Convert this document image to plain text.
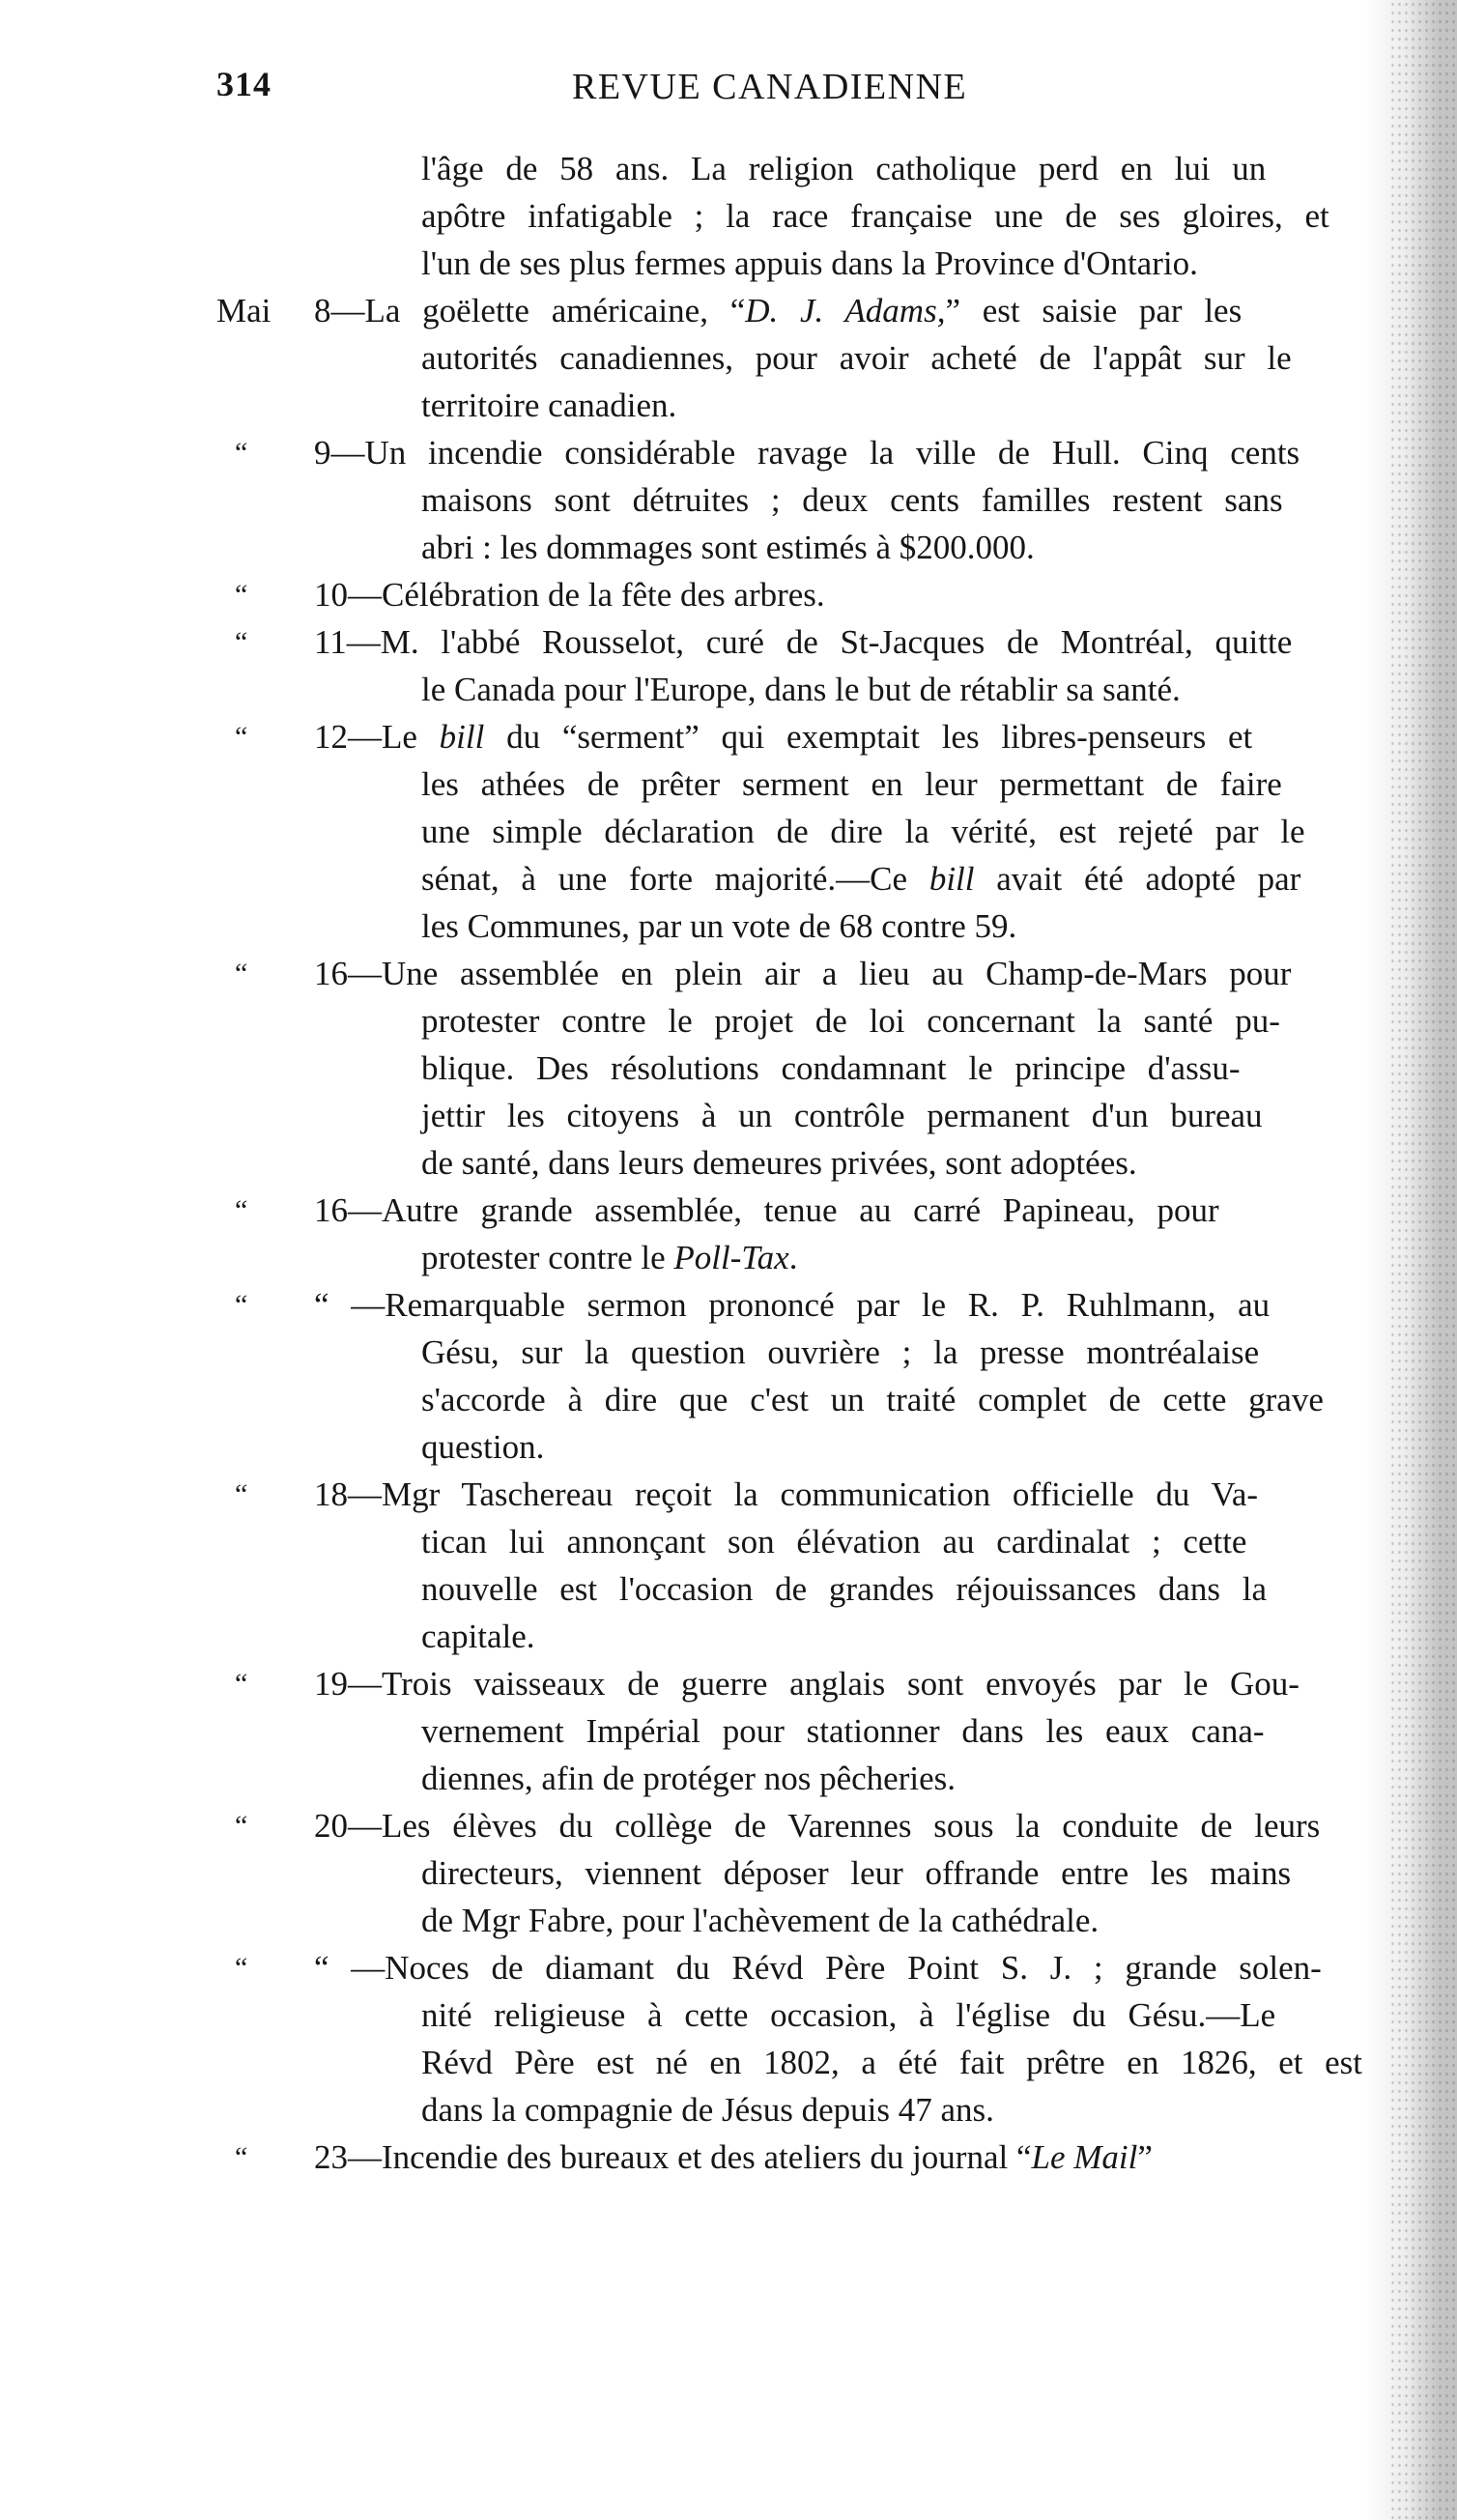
314	REVUE CANADIENNE
l'âge de 58 ans. La religion catholique perd en lui un
apôtre infatigable ; la race française une de ses gloires, et
l'un de ses plus fermes appuis dans la Province d'Ontario.
Mai 8—La goëlette américaine, “D. J. Adams,” est saisie par les
autorités canadiennes, pour avoir acheté de l'appât sur le
territoire canadien.
“ 9—Un incendie considérable ravage la ville de Hull. Cinq cents
maisons sont détruites ; deux cents familles restent sans
abri : les dommages sont estimés à $200.000.
“ 10—Célébration de la fête des arbres.
“ 11—M. l'abbé Rousselot, curé de St-Jacques de Montréal, quitte
le Canada pour l'Europe, dans le but de rétablir sa santé.
“ 12—Le bill du “serment” qui exemptait les libres-penseurs et
les athées de prêter serment en leur permettant de faire
une simple déclaration de dire la vérité, est rejeté par le
sénat, à une forte majorité.—Ce bill avait été adopté par
les Communes, par un vote de 68 contre 59.
“ 16—Une assemblée en plein air a lieu au Champ-de-Mars pour
protester contre le projet de loi concernant la santé pu-
blique. Des résolutions condamnant le principe d'assu-
jettir les citoyens à un contrôle permanent d'un bureau
de santé, dans leurs demeures privées, sont adoptées.
“ 16—Autre grande assemblée, tenue au carré Papineau, pour
protester contre le Poll-Tax.
“ “ —Remarquable sermon prononcé par le R. P. Ruhlmann, au
Gésu, sur la question ouvrière ; la presse montréalaise
s'accorde à dire que c'est un traité complet de cette grave
question.
“ 18—Mgr Taschereau reçoit la communication officielle du Va-
tican lui annonçant son élévation au cardinalat ; cette
nouvelle est l'occasion de grandes réjouissances dans la
capitale.
“ 19—Trois vaisseaux de guerre anglais sont envoyés par le Gou-
vernement Impérial pour stationner dans les eaux cana-
diennes, afin de protéger nos pêcheries.
“ 20—Les élèves du collège de Varennes sous la conduite de leurs
directeurs, viennent déposer leur offrande entre les mains
de Mgr Fabre, pour l'achèvement de la cathédrale.
“ “ —Noces de diamant du Révd Père Point S. J. ; grande solen-
nité religieuse à cette occasion, à l'église du Gésu.—Le
Révd Père est né en 1802, a été fait prêtre en 1826, et est
dans la compagnie de Jésus depuis 47 ans.
“ 23—Incendie des bureaux et des ateliers du journal “Le Mail”
